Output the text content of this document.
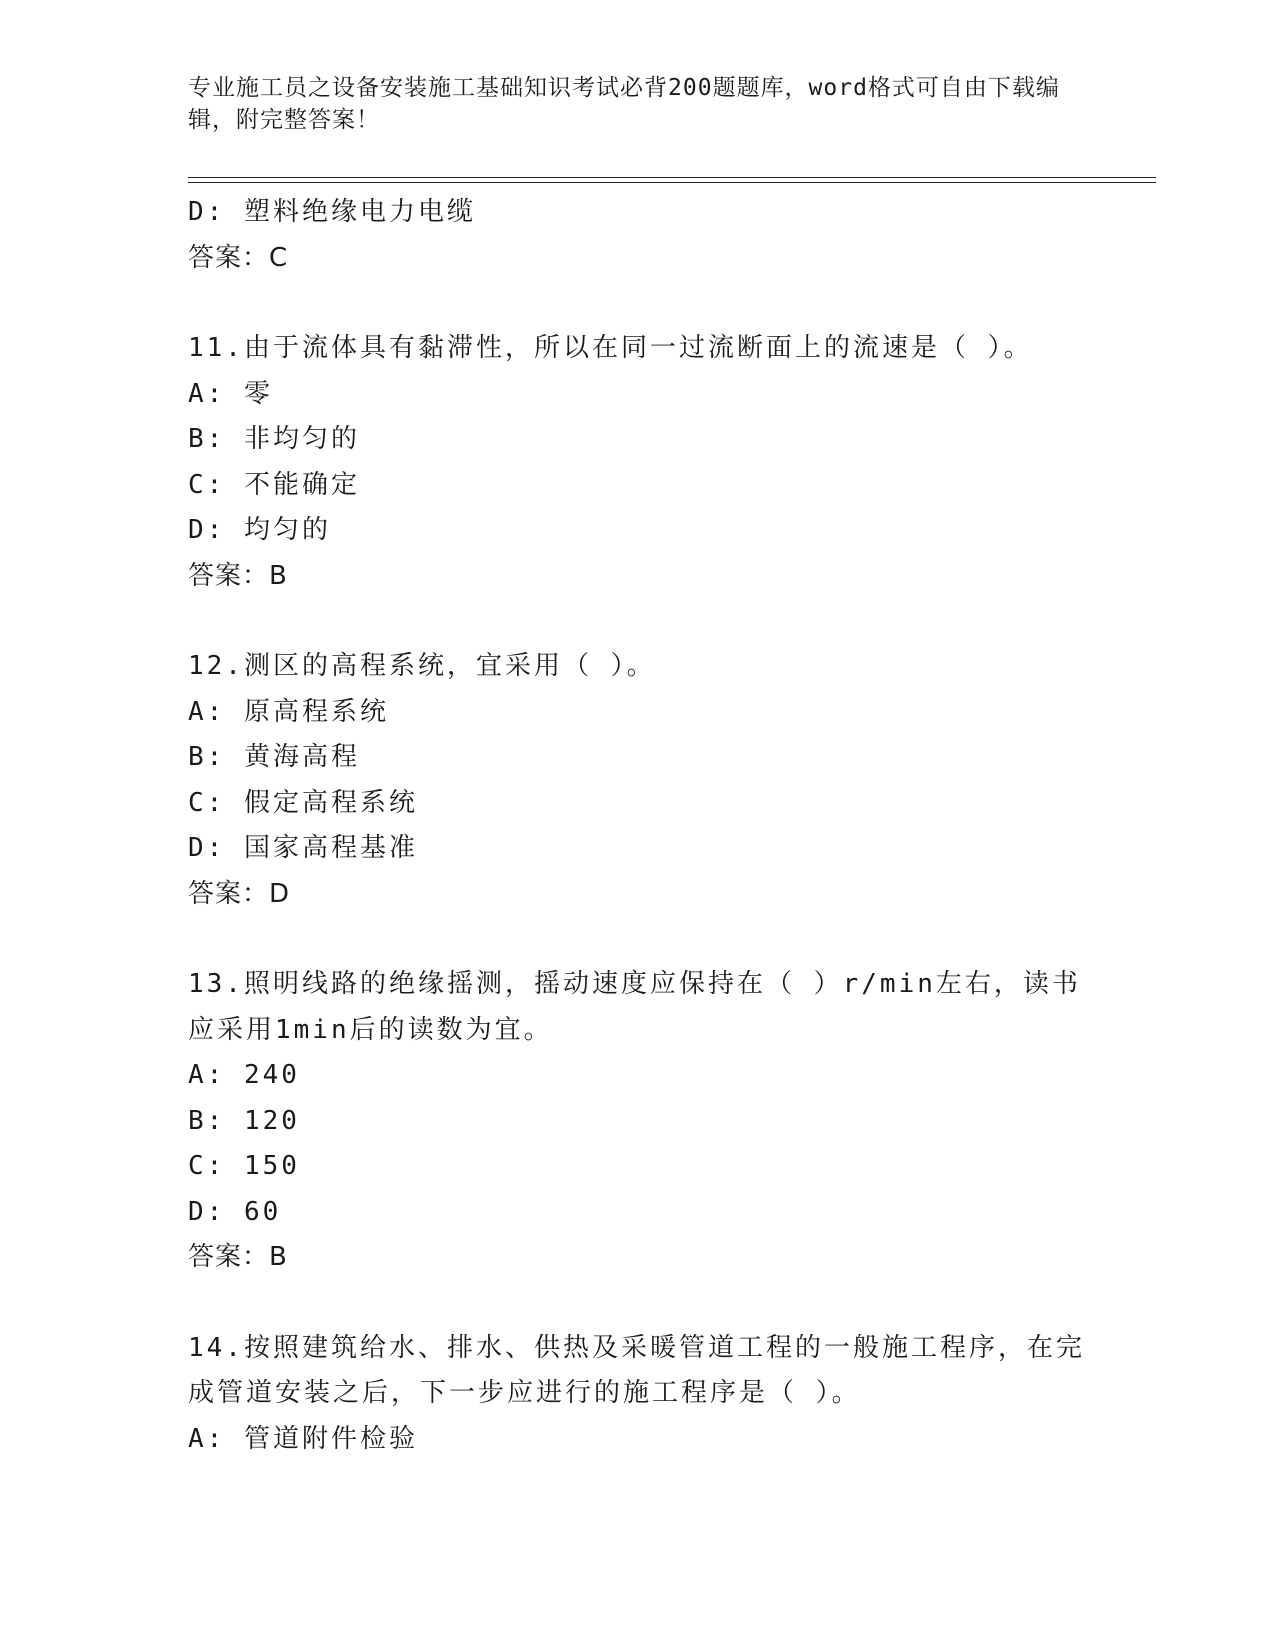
专业施工员之设备安装施工基础知识考试必背200题题库，word格式可自由下载编辑，附完整答案！
D: 塑料绝缘电力电缆
答案：C
11.由于流体具有黏滞性，所以在同一过流断面上的流速是（ ）。
A: 零
B: 非均匀的
C: 不能确定
D: 均匀的
答案：B
12.测区的高程系统，宜采用（ ）。
A: 原高程系统
B: 黄海高程
C: 假定高程系统
D: 国家高程基准
答案：D
13.照明线路的绝缘摇测，摇动速度应保持在（ ）r/min左右，读书应采用1min后的读数为宜。
A: 240
B: 120
C: 150
D: 60
答案：B
14.按照建筑给水、排水、供热及采暖管道工程的一般施工程序，在完成管道安装之后，下一步应进行的施工程序是（ ）。
A: 管道附件检验
